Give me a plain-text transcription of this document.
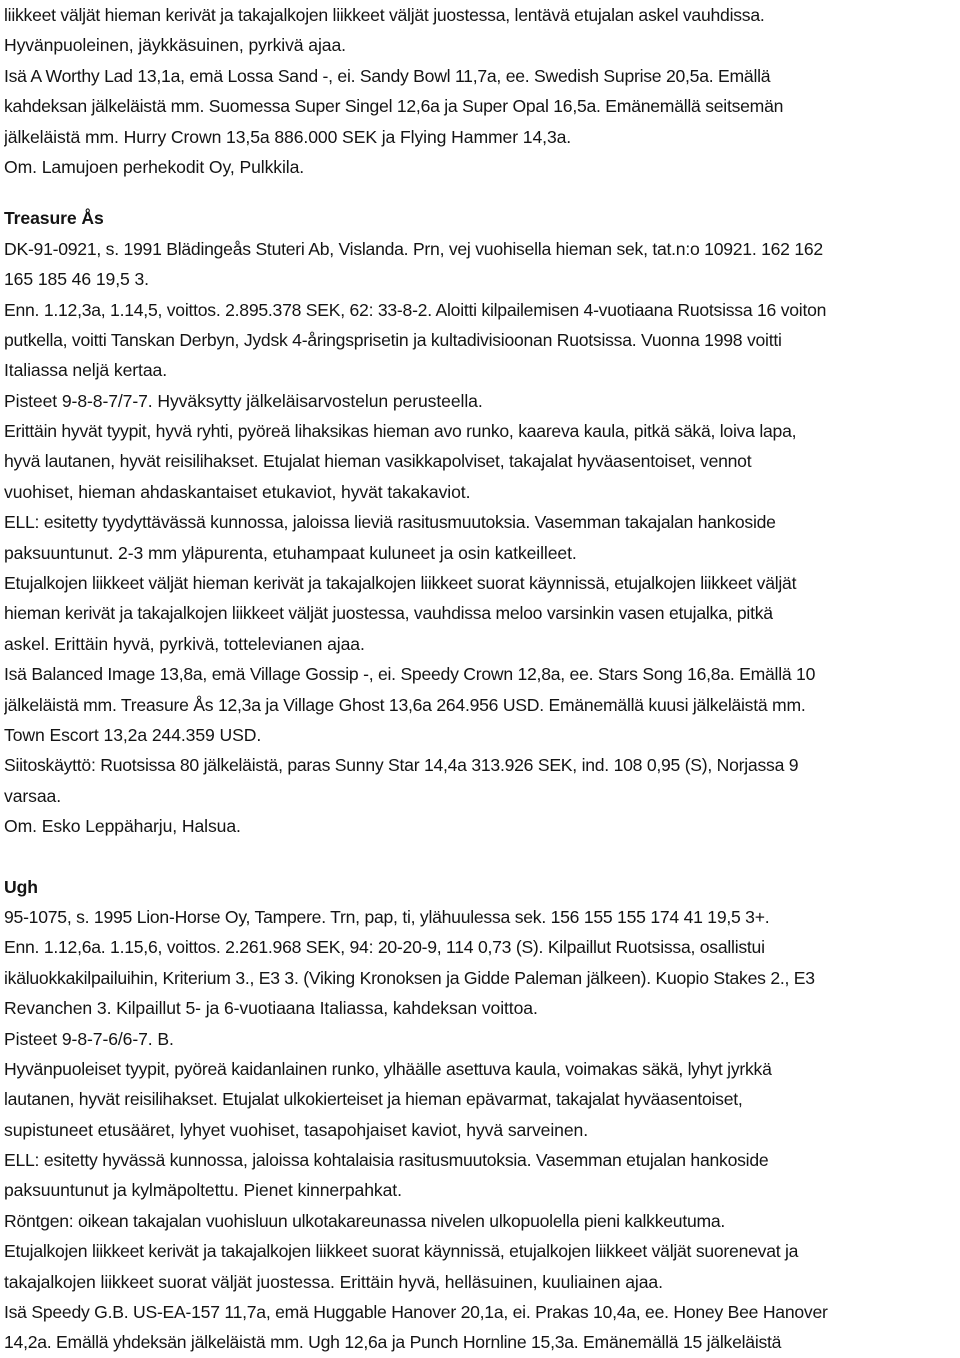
liikkeet väljät hieman kerivät ja takajalkojen liikkeet väljät juostessa, lentävä etujalan askel vauhdissa.
Hyvänpuoleinen, jäykkäsuinen, pyrkivä ajaa.
Isä A Worthy Lad 13,1a, emä Lossa Sand -, ei. Sandy Bowl 11,7a, ee. Swedish Suprise 20,5a. Emällä
kahdeksan jälkeläistä mm. Suomessa Super Singel 12,6a ja Super Opal 16,5a. Emänemällä seitsemän
jälkeläistä mm. Hurry Crown 13,5a 886.000 SEK ja Flying Hammer 14,3a.
Om. Lamujoen perhekodit Oy, Pulkkila.
Treasure Ås
DK-91-0921, s. 1991 Blädingeås Stuteri Ab, Vislanda. Prn, vej vuohisella hieman sek, tat.n:o 10921. 162 162
165 185 46 19,5 3.
Enn. 1.12,3a, 1.14,5, voittos. 2.895.378 SEK, 62: 33-8-2. Aloitti kilpailemisen 4-vuotiaana Ruotsissa 16 voiton
putkella, voitti Tanskan Derbyn, Jydsk 4-åringsprisetin ja kultadivisioonan Ruotsissa. Vuonna 1998 voitti
Italiassa neljä kertaa.
Pisteet 9-8-8-7/7-7. Hyväksytty jälkeläisarvostelun perusteella.
Erittäin hyvät tyypit, hyvä ryhti, pyöreä lihaksikas hieman avo runko, kaareva kaula, pitkä säkä, loiva lapa,
hyvä lautanen, hyvät reisilihakset. Etujalat hieman vasikkapolviset, takajalat hyväasentoiset, vennot
vuohiset, hieman ahdaskantaiset etukaviot, hyvät takakaviot.
ELL: esitetty tyydyttävässä kunnossa, jaloissa lieviä rasitusmuutoksia. Vasemman takajalan hankoside
paksuuntunut. 2-3 mm yläpurenta, etuhampaat kuluneet ja osin katkeilleet.
Etujalkojen liikkeet väljät hieman kerivät ja takajalkojen liikkeet suorat käynnissä, etujalkojen liikkeet väljät
hieman kerivät ja takajalkojen liikkeet väljät juostessa, vauhdissa meloo varsinkin vasen etujalka, pitkä
askel. Erittäin hyvä, pyrkivä, tottelevianen ajaa.
Isä Balanced Image 13,8a, emä Village Gossip -, ei. Speedy Crown 12,8a, ee. Stars Song 16,8a. Emällä 10
jälkeläistä mm. Treasure Ås 12,3a ja Village Ghost 13,6a 264.956 USD. Emänemällä kuusi jälkeläistä mm.
Town Escort 13,2a 244.359 USD.
Siitoskäyttö: Ruotsissa 80 jälkeläistä, paras Sunny Star 14,4a 313.926 SEK, ind. 108 0,95 (S), Norjassa 9
varsaa.
Om. Esko Leppäharju, Halsua.
Ugh
95-1075, s. 1995 Lion-Horse Oy, Tampere. Trn, pap, ti, ylähuulessa sek. 156 155 155 174 41 19,5 3+.
Enn. 1.12,6a. 1.15,6, voittos. 2.261.968 SEK, 94: 20-20-9, 114 0,73 (S). Kilpaillut Ruotsissa, osallistui
ikäluokkakilpailuihin, Kriterium 3., E3 3. (Viking Kronoksen ja Gidde Paleman jälkeen). Kuopio Stakes 2., E3
Revanchen 3. Kilpaillut 5- ja 6-vuotiaana Italiassa, kahdeksan voittoa.
Pisteet 9-8-7-6/6-7. B.
Hyvänpuoleiset tyypit, pyöreä kaidanlainen runko, ylhäälle asettuva kaula, voimakas säkä, lyhyt jyrkkä
lautanen, hyvät reisilihakset. Etujalat ulkokierteiset ja hieman epävarmat, takajalat hyväasentoiset,
supistuneet etusääret, lyhyet vuohiset, tasapohjaiset kaviot, hyvä sarveinen.
ELL: esitetty hyvässä kunnossa, jaloissa kohtalaisia rasitusmuutoksia. Vasemman etujalan hankoside
paksuuntunut ja kylmäpoltettu. Pienet kinnerpahkat.
Röntgen: oikean takajalan vuohisluun ulkotakareunassa nivelen ulkopuolella pieni kalkkeutuma.
Etujalkojen liikkeet kerivät ja takajalkojen liikkeet suorat käynnissä, etujalkojen liikkeet väljät suorenevat ja
takajalkojen liikkeet suorat väljät juostessa. Erittäin hyvä, helläsuinen, kuuliainen ajaa.
Isä Speedy G.B. US-EA-157 11,7a, emä Huggable Hanover 20,1a, ei. Prakas 10,4a, ee. Honey Bee Hanover
14,2a. Emällä yhdeksän jälkeläistä mm. Ugh 12,6a ja Punch Hornline 15,3a. Emänemällä 15 jälkeläistä
